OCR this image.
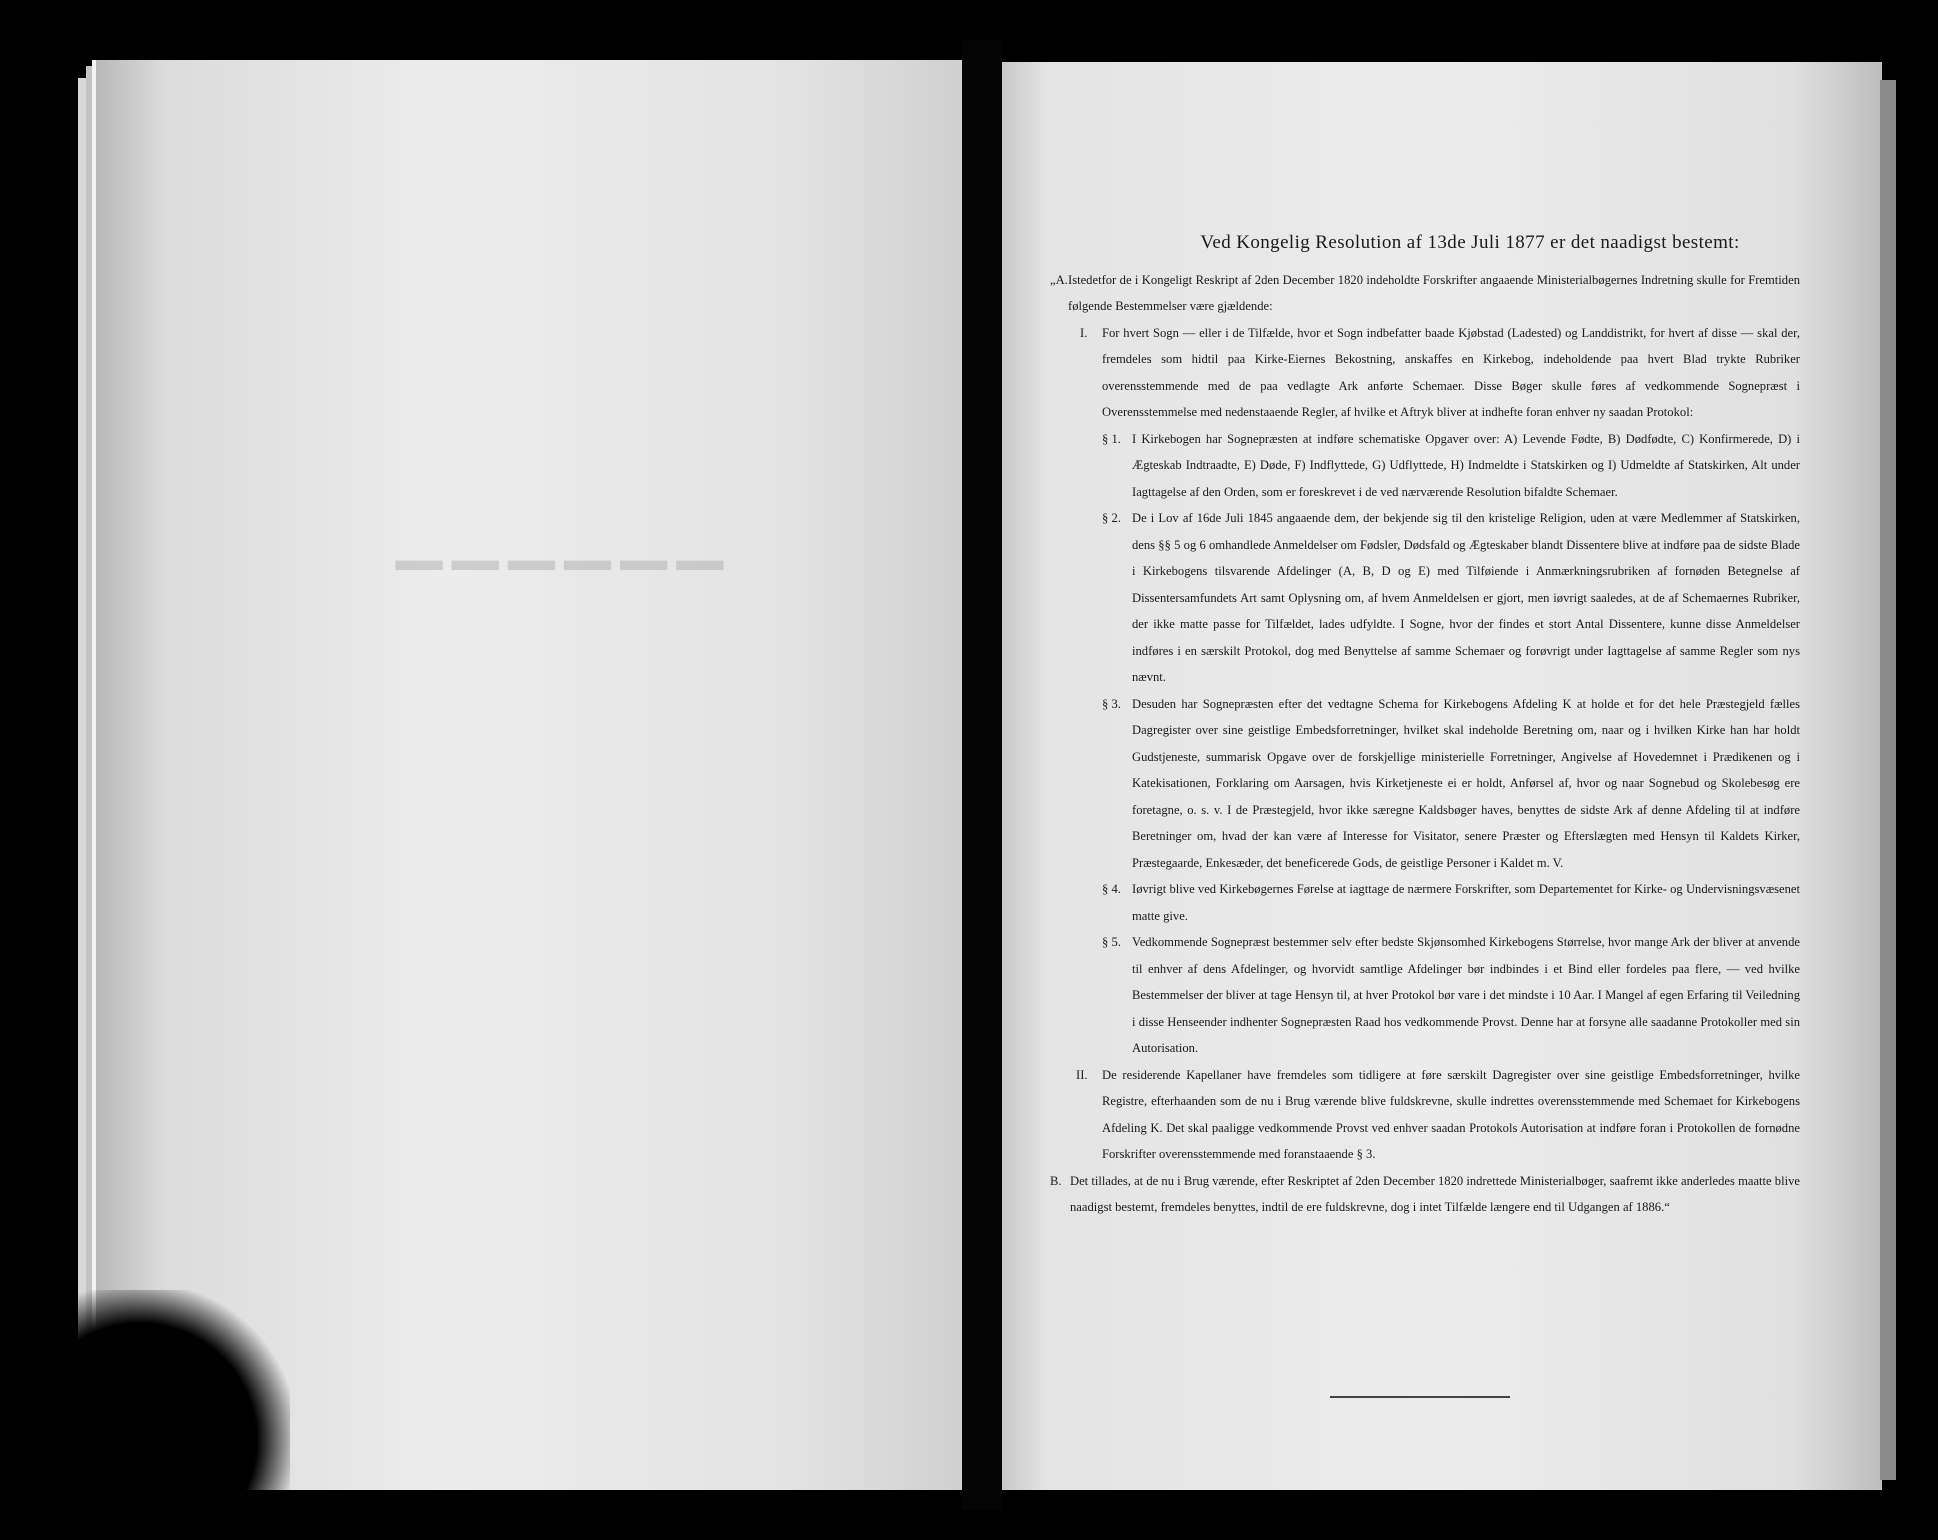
▁▁▁▁▁▁
Ved Kongelig Resolution af 13de Juli 1877 er det naadigst bestemt:
„A. Istedetfor de i Kongeligt Reskript af 2den December 1820 indeholdte Forskrifter angaaende Ministerialbøgernes Indretning skulle for Fremtiden følgende Bestemmelser være gjældende:
I.	For hvert Sogn — eller i de Tilfælde, hvor et Sogn indbefatter baade Kjøbstad (Ladested) og Landdistrikt, for hvert af disse — skal der, fremdeles som hidtil paa Kirke-Eiernes Bekostning, anskaffes en Kirkebog, indeholdende paa hvert Blad trykte Rubriker overensstemmende med de paa vedlagte Ark anførte Schemaer. Disse Bøger skulle føres af vedkommende Sognepræst i Overensstemmelse med nedenstaaende Regler, af hvilke et Aftryk bliver at indhefte foran enhver ny saadan Protokol:
§ 1. I Kirkebogen har Sognepræsten at indføre schematiske Opgaver over: A) Levende Fødte, B) Dødfødte, C) Konfirmerede, D) i Ægteskab Indtraadte, E) Døde, F) Indflyttede, G) Udflyttede, H) Indmeldte i Statskirken og I) Udmeldte af Statskirken, Alt under Iagttagelse af den Orden, som er foreskrevet i de ved nærværende Resolution bifaldte Schemaer.
§ 2. De i Lov af 16de Juli 1845 angaaende dem, der bekjende sig til den kristelige Religion, uden at være Medlemmer af Statskirken, dens §§ 5 og 6 omhandlede Anmeldelser om Fødsler, Dødsfald og Ægteskaber blandt Dissentere blive at indføre paa de sidste Blade i Kirkebogens tilsvarende Afdelinger (A, B, D og E) med Tilføiende i Anmærkningsrubriken af fornøden Betegnelse af Dissentersamfundets Art samt Oplysning om, af hvem Anmeldelsen er gjort, men iøvrigt saaledes, at de af Schemaernes Rubriker, der ikke matte passe for Tilfældet, lades udfyldte. I Sogne, hvor der findes et stort Antal Dissentere, kunne disse Anmeldelser indføres i en særskilt Protokol, dog med Benyttelse af samme Schemaer og forøvrigt under Iagttagelse af samme Regler som nys nævnt.
§ 3. Desuden har Sognepræsten efter det vedtagne Schema for Kirkebogens Afdeling K at holde et for det hele Præstegjeld fælles Dagregister over sine geistlige Embedsforretninger, hvilket skal indeholde Beretning om, naar og i hvilken Kirke han har holdt Gudstjeneste, summarisk Opgave over de forskjellige ministerielle Forretninger, Angivelse af Hovedemnet i Prædikenen og i Katekisationen, Forklaring om Aarsagen, hvis Kirketjeneste ei er holdt, Anførsel af, hvor og naar Sognebud og Skolebesøg ere foretagne, o. s. v. I de Præstegjeld, hvor ikke særegne Kaldsbøger haves, benyttes de sidste Ark af denne Afdeling til at indføre Beretninger om, hvad der kan være af Interesse for Visitator, senere Præster og Efterslægten med Hensyn til Kaldets Kirker, Præstegaarde, Enkesæder, det beneficerede Gods, de geistlige Personer i Kaldet m. V.
§ 4. Iøvrigt blive ved Kirkebøgernes Førelse at iagttage de nærmere Forskrifter, som Departementet for Kirke- og Undervisningsvæsenet matte give.
§ 5. Vedkommende Sognepræst bestemmer selv efter bedste Skjønsomhed Kirkebogens Størrelse, hvor mange Ark der bliver at anvende til enhver af dens Afdelinger, og hvorvidt samtlige Afdelinger bør indbindes i et Bind eller fordeles paa flere, — ved hvilke Bestemmelser der bliver at tage Hensyn til, at hver Protokol bør vare i det mindste i 10 Aar. I Mangel af egen Erfaring til Veiledning i disse Henseender indhenter Sognepræsten Raad hos vedkommende Provst. Denne har at forsyne alle saadanne Protokoller med sin Autorisation.
II.	De residerende Kapellaner have fremdeles som tidligere at føre særskilt Dagregister over sine geistlige Embedsforretninger, hvilke Registre, efterhaanden som de nu i Brug værende blive fuldskrevne, skulle indrettes overensstemmende med Schemaet for Kirkebogens Afdeling K. Det skal paaligge vedkommende Provst ved enhver saadan Protokols Autorisation at indføre foran i Protokollen de fornødne Forskrifter overensstemmende med foranstaaende § 3.
B. Det tillades, at de nu i Brug værende, efter Reskriptet af 2den December 1820 indrettede Ministerialbøger, saafremt ikke anderledes maatte blive naadigst bestemt, fremdeles benyttes, indtil de ere fuldskrevne, dog i intet Tilfælde længere end til Udgangen af 1886.“
